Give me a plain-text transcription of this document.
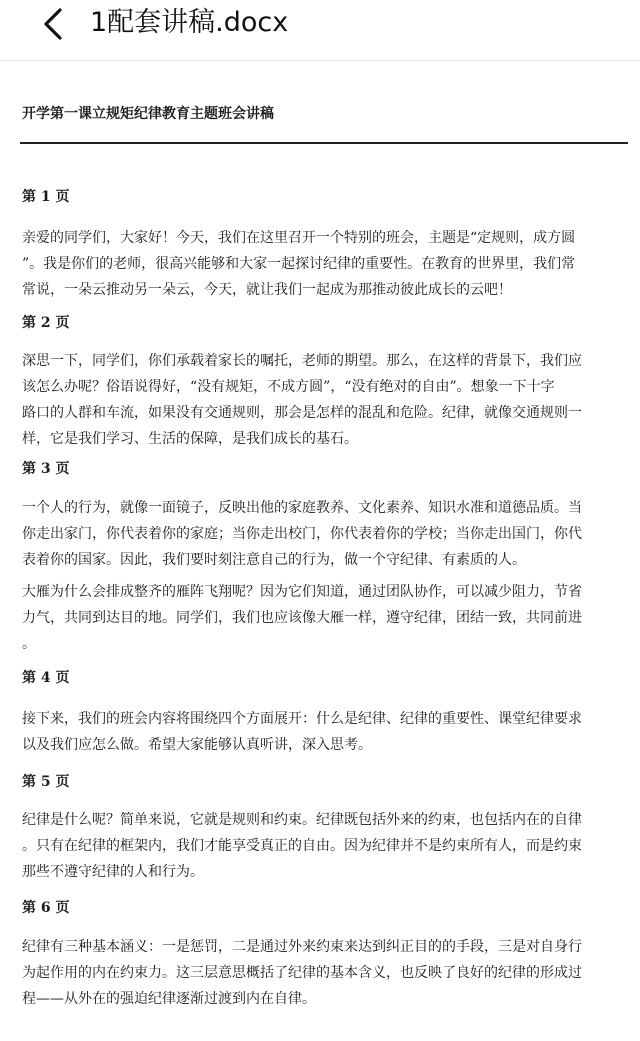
1配套讲稿.docx
开学第一课立规矩纪律教育主题班会讲稿
第 1 页
亲爱的同学们，大家好！今天，我们在这里召开一个特别的班会，主题是“定规则，成方圆
”。我是你们的老师，很高兴能够和大家一起探讨纪律的重要性。在教育的世界里，我们常
常说，一朵云推动另一朵云，今天，就让我们一起成为那推动彼此成长的云吧！
第 2 页
深思一下，同学们，你们承载着家长的嘱托，老师的期望。那么，在这样的背景下，我们应
该怎么办呢？俗语说得好，“没有规矩，不成方圆”，“没有绝对的自由”。想象一下十字
路口的人群和车流，如果没有交通规则，那会是怎样的混乱和危险。纪律，就像交通规则一
样，它是我们学习、生活的保障，是我们成长的基石。
第 3 页
一个人的行为，就像一面镜子，反映出他的家庭教养、文化素养、知识水准和道德品质。当
你走出家门，你代表着你的家庭；当你走出校门，你代表着你的学校；当你走出国门，你代
表着你的国家。因此，我们要时刻注意自己的行为，做一个守纪律、有素质的人。
大雁为什么会排成整齐的雁阵飞翔呢？因为它们知道，通过团队协作，可以减少阻力，节省
力气，共同到达目的地。同学们，我们也应该像大雁一样，遵守纪律，团结一致，共同前进
。
第 4 页
接下来，我们的班会内容将围绕四个方面展开：什么是纪律、纪律的重要性、课堂纪律要求
以及我们应怎么做。希望大家能够认真听讲，深入思考。
第 5 页
纪律是什么呢？简单来说，它就是规则和约束。纪律既包括外来的约束，也包括内在的自律
。只有在纪律的框架内，我们才能享受真正的自由。因为纪律并不是约束所有人，而是约束
那些不遵守纪律的人和行为。
第 6 页
纪律有三种基本涵义：一是惩罚，二是通过外来约束来达到纠正目的的手段，三是对自身行
为起作用的内在约束力。这三层意思概括了纪律的基本含义，也反映了良好的纪律的形成过
程——从外在的强迫纪律逐渐过渡到内在自律。
